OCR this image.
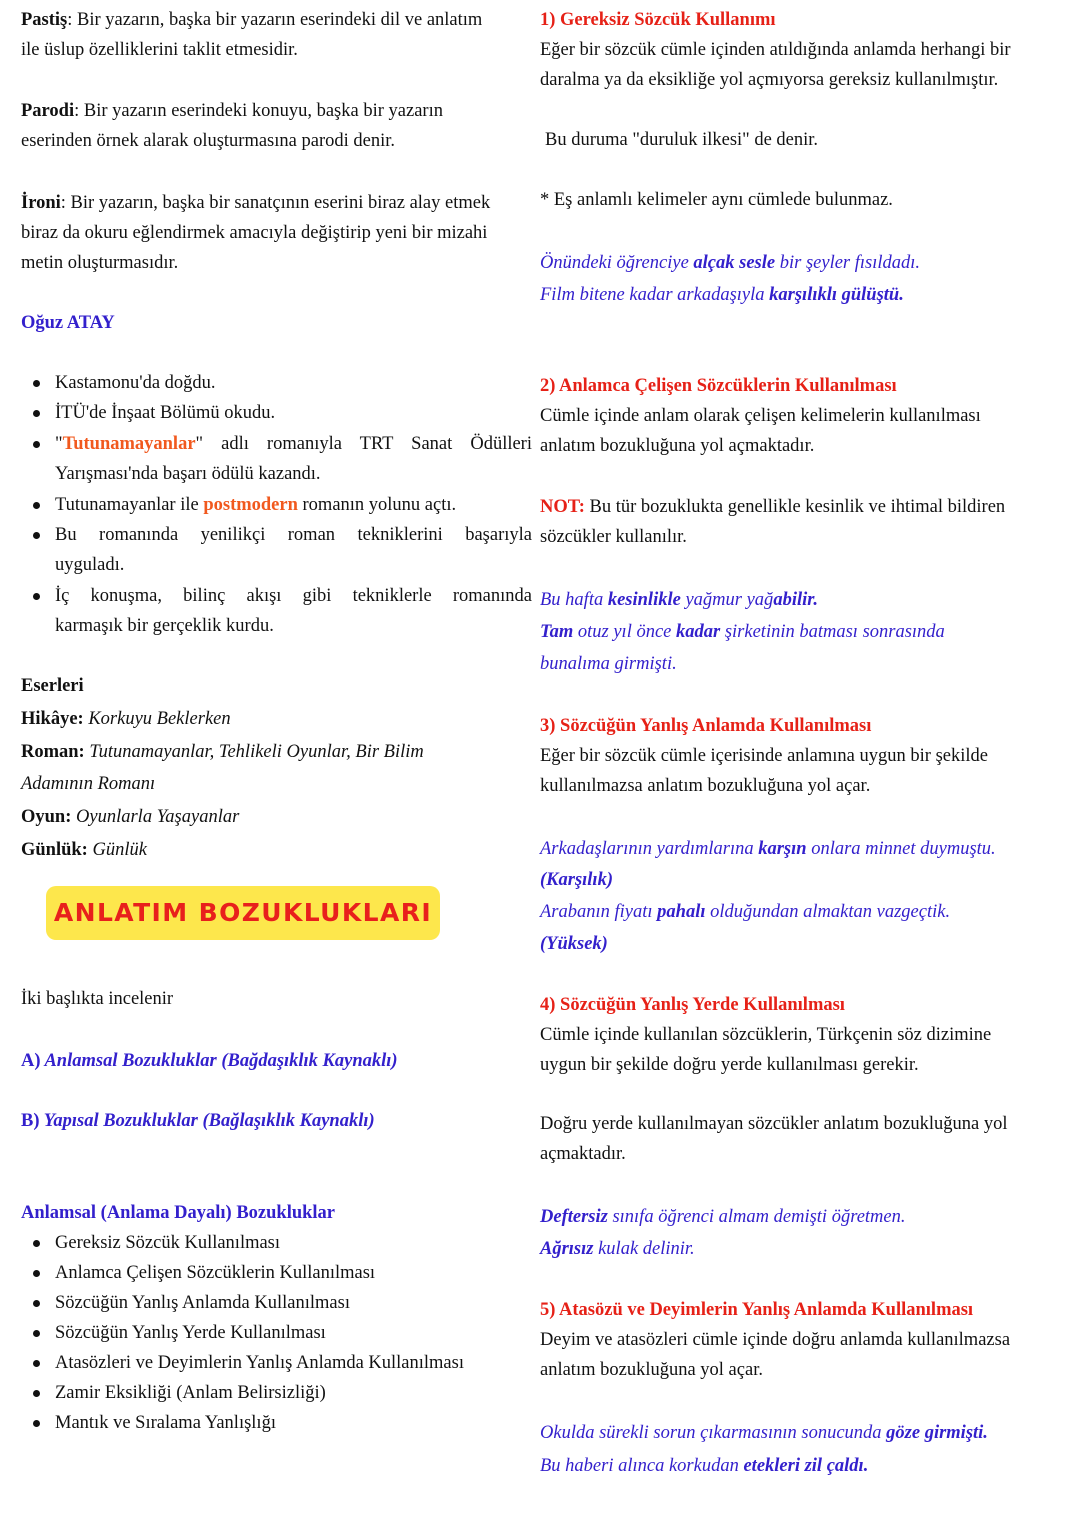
Pastiş: Bir yazarın, başka bir yazarın eserindeki dil ve anlatım
ile üslup özelliklerini taklit etmesidir.
Parodi: Bir yazarın eserindeki konuyu, başka bir yazarın
eserinden örnek alarak oluşturmasına parodi denir.
İroni: Bir yazarın, başka bir sanatçının eserini biraz alay etmek
biraz da okuru eğlendirmek amacıyla değiştirip yeni bir mizahi
metin oluşturmasıdır.
Oğuz ATAY
Kastamonu'da doğdu.
İTÜ'de İnşaat Bölümü okudu.
"Tutunamayanlar" adlı romanıyla TRT Sanat Ödülleri
Yarışması'nda başarı ödülü kazandı.
Tutunamayanlar ile postmodern romanın yolunu açtı.
Bu romanında yenilikçi roman tekniklerini başarıyla
uyguladı.
İç konuşma, bilinç akışı gibi tekniklerle romanında
karmaşık bir gerçeklik kurdu.
Eserleri
Hikâye: Korkuyu Beklerken
Roman: Tutunamayanlar, Tehlikeli Oyunlar, Bir Bilim
Adamının Romanı
Oyun: Oyunlarla Yaşayanlar
Günlük: Günlük
ANLATIM BOZUKLUKLARI
İki başlıkta incelenir
A) Anlamsal Bozukluklar (Bağdaşıklık Kaynaklı)
B) Yapısal Bozukluklar (Bağlaşıklık Kaynaklı)
Anlamsal (Anlama Dayalı) Bozukluklar
Gereksiz Sözcük Kullanılması
Anlamca Çelişen Sözcüklerin Kullanılması
Sözcüğün Yanlış Anlamda Kullanılması
Sözcüğün Yanlış Yerde Kullanılması
Atasözleri ve Deyimlerin Yanlış Anlamda Kullanılması
Zamir Eksikliği (Anlam Belirsizliği)
Mantık ve Sıralama Yanlışlığı
1) Gereksiz Sözcük Kullanımı
Eğer bir sözcük cümle içinden atıldığında anlamda herhangi bir
daralma ya da eksikliğe yol açmıyorsa gereksiz kullanılmıştır.
Bu duruma "duruluk ilkesi" de denir.
* Eş anlamlı kelimeler aynı cümlede bulunmaz.
Önündeki öğrenciye alçak sesle bir şeyler fısıldadı.
Film bitene kadar arkadaşıyla karşılıklı gülüştü.
2) Anlamca Çelişen Sözcüklerin Kullanılması
Cümle içinde anlam olarak çelişen kelimelerin kullanılması
anlatım bozukluğuna yol açmaktadır.
NOT: Bu tür bozuklukta genellikle kesinlik ve ihtimal bildiren
sözcükler kullanılır.
Bu hafta kesinlikle yağmur yağabilir.
Tam otuz yıl önce kadar şirketinin batması sonrasında
bunalıma girmişti.
3) Sözcüğün Yanlış Anlamda Kullanılması
Eğer bir sözcük cümle içerisinde anlamına uygun bir şekilde
kullanılmazsa anlatım bozukluğuna yol açar.
Arkadaşlarının yardımlarına karşın onlara minnet duymuştu.
(Karşılık)
Arabanın fiyatı pahalı olduğundan almaktan vazgeçtik.
(Yüksek)
4) Sözcüğün Yanlış Yerde Kullanılması
Cümle içinde kullanılan sözcüklerin, Türkçenin söz dizimine
uygun bir şekilde doğru yerde kullanılması gerekir.
Doğru yerde kullanılmayan sözcükler anlatım bozukluğuna yol
açmaktadır.
Deftersiz sınıfa öğrenci almam demişti öğretmen.
Ağrısız kulak delinir.
5) Atasözü ve Deyimlerin Yanlış Anlamda Kullanılması
Deyim ve atasözleri cümle içinde doğru anlamda kullanılmazsa
anlatım bozukluğuna yol açar.
Okulda sürekli sorun çıkarmasının sonucunda göze girmişti.
Bu haberi alınca korkudan etekleri zil çaldı.
